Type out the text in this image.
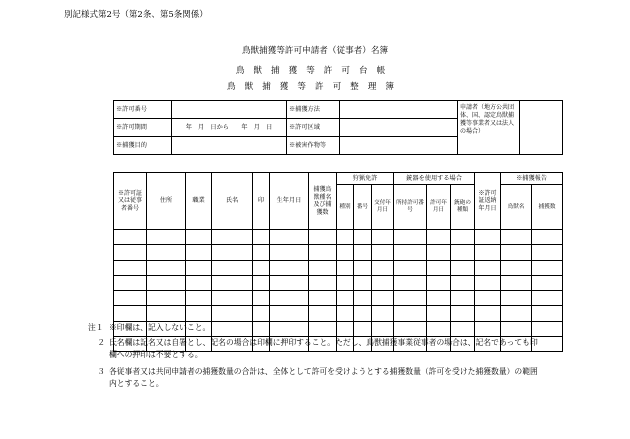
別記様式第2号（第2条、第5条関係）
鳥獣捕獲等許可申請者（従事者）名簿
鳥獣捕獲等許可台帳
鳥獣捕獲等許可整理簿
※許可番号		※捕獲方法		申請者（地方公共団体、国、認定鳥獣捕獲等事業者又は法人の場合）	
※許可期間	年　月　日から　　年　月　日	※許可区域			
※捕獲目的		※被害作物等			
※許可証又は従事者番号	住所	職業	氏名	印	生年月日	捕獲鳥獣種名及び捕獲数	狩猟免許			銃器を使用する場合			※許可証返納年月日	※捕獲報告	
							種別	番号	交付年月日	所持許可番号	許可年月日	銃砲の種類		鳥獣名	捕獲数

注１ ※印欄は、記入しないこと。
２ 氏名欄は記名又は自署とし、記名の場合は印欄に押印すること。ただし、鳥獣捕獲事業従事者の場合は、記名であっても印
欄への押印は不要とする。
３ 各従事者又は共同申請者の捕獲数量の合計は、全体として許可を受けようとする捕獲数量（許可を受けた捕獲数量）の範囲
内とすること。
